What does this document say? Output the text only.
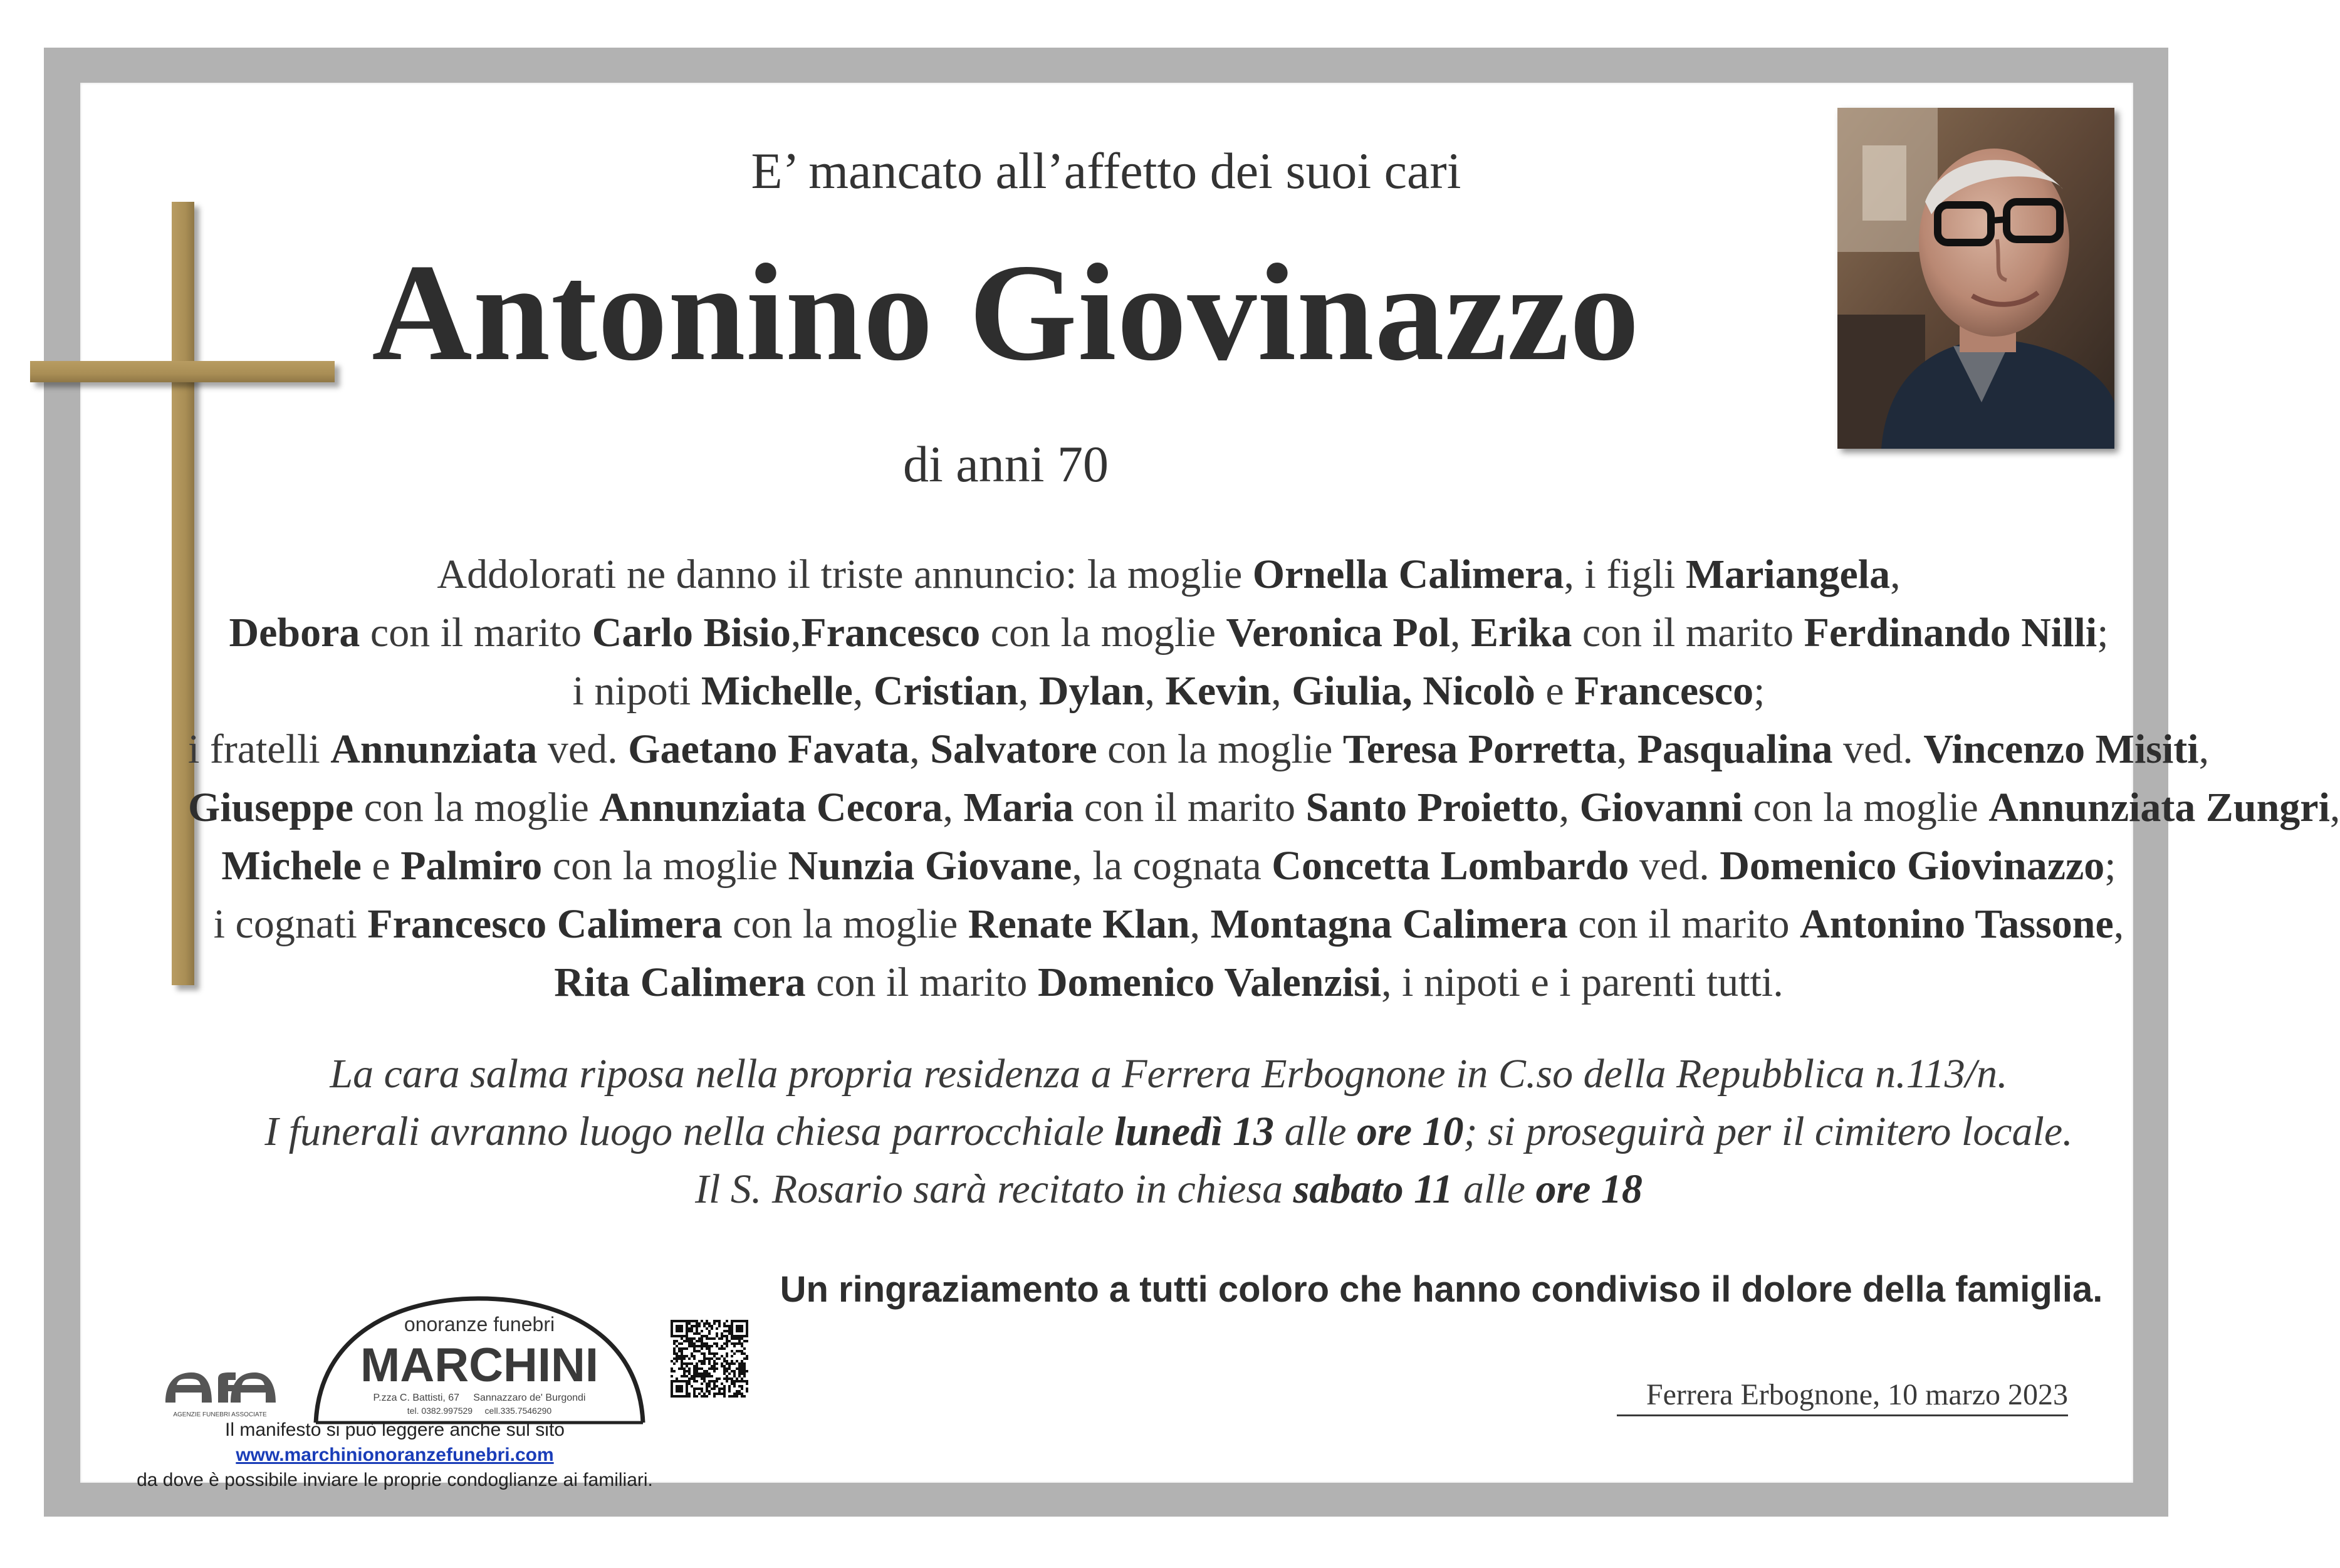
E’ mancato all’affetto dei suoi cari
Antonino Giovinazzo
di anni 70
Addolorati ne danno il triste annuncio: la moglie Ornella Calimera, i figli Mariangela,
Debora con il marito Carlo Bisio,Francesco con la moglie Veronica Pol, Erika con il marito Ferdinando Nilli;
i nipoti Michelle, Cristian, Dylan, Kevin, Giulia, Nicolò e Francesco;
i fratelli Annunziata ved. Gaetano Favata, Salvatore con la moglie Teresa Porretta, Pasqualina ved. Vincenzo Misiti,
Giuseppe con la moglie Annunziata Cecora, Maria con il marito Santo Proietto, Giovanni con la moglie Annunziata Zungri,
Michele e Palmiro con la moglie Nunzia Giovane, la cognata Concetta Lombardo ved. Domenico Giovinazzo;
i cognati Francesco Calimera con la moglie Renate Klan, Montagna Calimera con il marito Antonino Tassone,
Rita Calimera con il marito Domenico Valenzisi, i nipoti e i parenti tutti.
La cara salma riposa nella propria residenza a Ferrera Erbognone in C.so della Repubblica n.113/n.
I funerali avranno luogo nella chiesa parrocchiale lunedì 13 alle ore 10; si proseguirà per il cimitero locale.
Il S. Rosario sarà recitato in chiesa sabato 11 alle ore 18
Un ringraziamento a tutti coloro che hanno condiviso il dolore della famiglia.
Ferrera Erbognone, 10 marzo 2023
AGENZIE FUNEBRI ASSOCIATE
onoranze funebri
MARCHINI
P.zza C. Battisti, 67     Sannazzaro de' Burgondi
tel. 0382.997529     cell.335.7546290
Il manifesto si può leggere anche sul sito www.marchinionoranzefunebri.com
da dove è possibile inviare le proprie condoglianze ai familiari.
